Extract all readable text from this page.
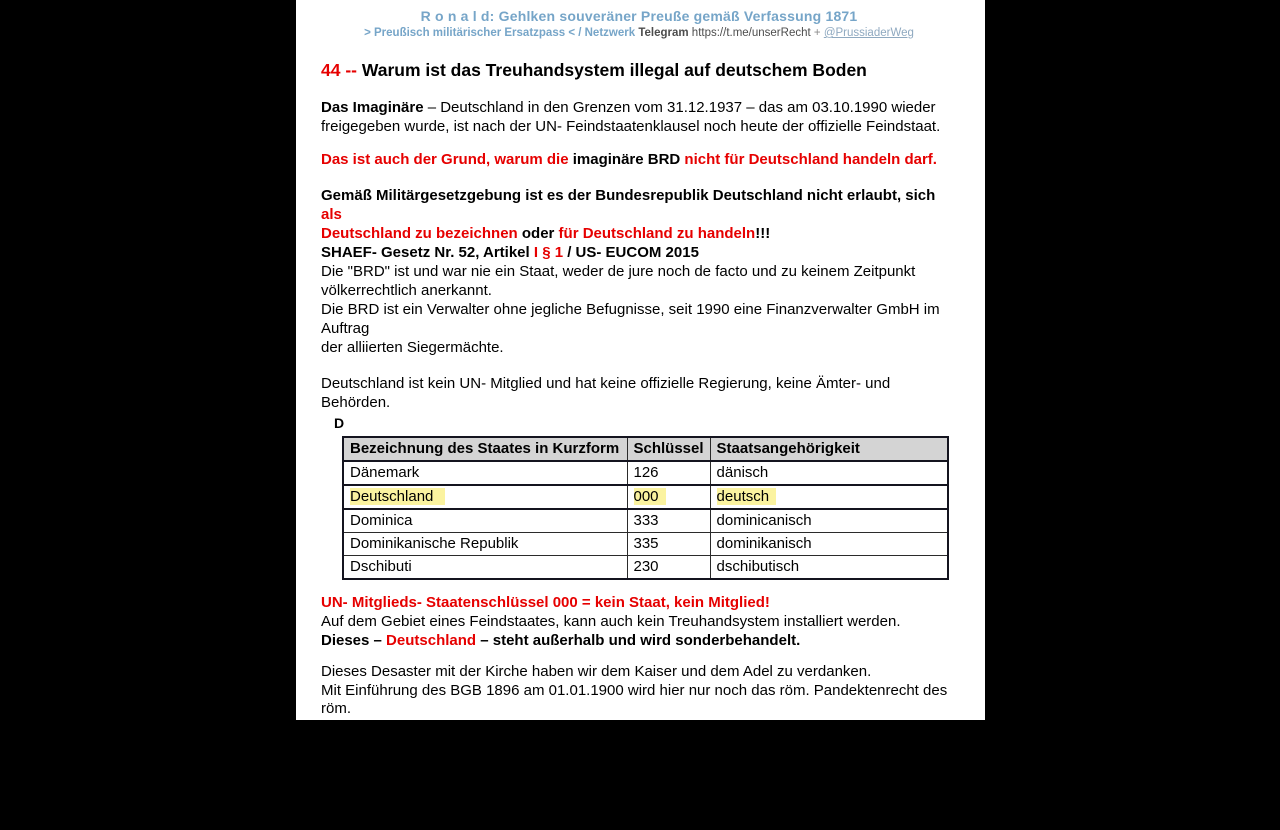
R o n a l d: Gehlken souveräner Preuße gemäß Verfassung 1871
> Preußisch militärischer Ersatzpass < / Netzwerk Telegram https://t.me/unserRecht + @PrussiaderWeg
44 -- Warum ist das Treuhandsystem illegal auf deutschem Boden
Das Imaginäre – Deutschland in den Grenzen vom 31.12.1937 – das am 03.10.1990 wieder
freigegeben wurde, ist nach der UN- Feindstaatenklausel noch heute der offizielle Feindstaat.
Das ist auch der Grund, warum die imaginäre BRD nicht für Deutschland handeln darf.
Gemäß Militärgesetzgebung ist es der Bundesrepublik Deutschland nicht erlaubt, sich als
Deutschland zu bezeichnen oder für Deutschland zu handeln!!!
SHAEF- Gesetz Nr. 52, Artikel I § 1 / US- EUCOM 2015
Die "BRD" ist und war nie ein Staat, weder de jure noch de facto und zu keinem Zeitpunkt
völkerrechtlich anerkannt.
Die BRD ist ein Verwalter ohne jegliche Befugnisse, seit 1990 eine Finanzverwalter GmbH im Auftrag
der alliierten Siegermächte.
Deutschland ist kein UN- Mitglied und hat keine offizielle Regierung, keine Ämter- und Behörden.
D
Bezeichnung des Staates in Kurzform	Schlüssel	Staatsangehörigkeit
Dänemark	126	dänisch
Deutschland	000	deutsch
Dominica	333	dominicanisch
Dominikanische Republik	335	dominikanisch
Dschibuti	230	dschibutisch
UN- Mitglieds- Staatenschlüssel 000 = kein Staat, kein Mitglied!
Auf dem Gebiet eines Feindstaates, kann auch kein Treuhandsystem installiert werden.
Dieses – Deutschland – steht außerhalb und wird sonderbehandelt.
Dieses Desaster mit der Kirche haben wir dem Kaiser und dem Adel zu verdanken.
Mit Einführung des BGB 1896 am 01.01.1900 wird hier nur noch das röm. Pandektenrecht des röm.
Kaisers Justinian aus dem Jahr 533 zur Anwendung gebracht.
Bismarck hatte seinen Kulturkampf mit der Kirche von 1871 bis 1878, der Streit und Kampf, welches
Recht Anwendung finden soll, - Romanisten / Germanisten – ging aber noch viele Jahre weiter.
Am Ende hat sich der Boss, die Kirche (Klerus) durchgesetzt.
Man sollte nicht allen Lügen aus dem Kaiserreich Glauben schenken.
